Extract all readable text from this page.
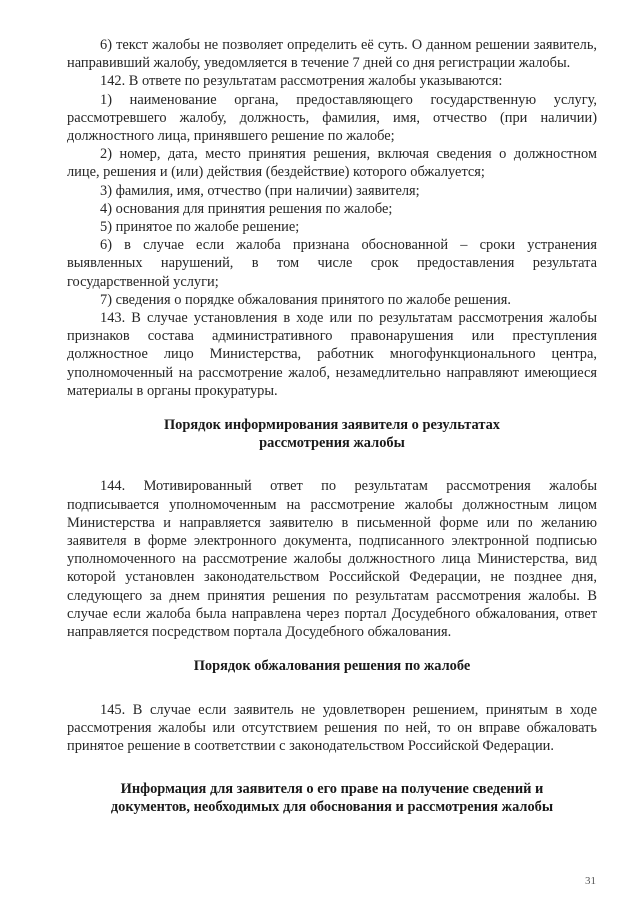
6) текст жалобы не позволяет определить её суть. О данном решении заявитель, направивший жалобу, уведомляется в течение 7 дней со дня регистрации жалобы.

142. В ответе по результатам рассмотрения жалобы указываются:

1) наименование органа, предоставляющего государственную услугу, рассмотревшего жалобу, должность, фамилия, имя, отчество (при наличии) должностного лица, принявшего решение по жалобе;

2) номер, дата, место принятия решения, включая сведения о должностном лице, решения и (или) действия (бездействие) которого обжалуется;

3) фамилия, имя, отчество (при наличии) заявителя;

4) основания для принятия решения по жалобе;

5) принятое по жалобе решение;

6) в случае если жалоба признана обоснованной – сроки устранения выявленных нарушений, в том числе срок предоставления результата государственной услуги;

7) сведения о порядке обжалования принятого по жалобе решения.

143. В случае установления в ходе или по результатам рассмотрения жалобы признаков состава административного правонарушения или преступления должностное лицо Министерства, работник многофункционального центра, уполномоченный на рассмотрение жалоб, незамедлительно направляют имеющиеся материалы в органы прокуратуры.

Порядок информирования заявителя о результатах рассмотрения жалобы

144. Мотивированный ответ по результатам рассмотрения жалобы подписывается уполномоченным на рассмотрение жалобы должностным лицом Министерства и направляется заявителю в письменной форме или по желанию заявителя в форме электронного документа, подписанного электронной подписью уполномоченного на рассмотрение жалобы должностного лица Министерства, вид которой установлен законодательством Российской Федерации, не позднее дня, следующего за днем принятия решения по результатам рассмотрения жалобы. В случае если жалоба была направлена через портал Досудебного обжалования, ответ направляется посредством портала Досудебного обжалования.

Порядок обжалования решения по жалобе

145. В случае если заявитель не удовлетворен решением, принятым в ходе рассмотрения жалобы или отсутствием решения по ней, то он вправе обжаловать принятое решение в соответствии с законодательством Российской Федерации.

Информация для заявителя о его праве на получение сведений и документов, необходимых для обоснования и рассмотрения жалобы

31
